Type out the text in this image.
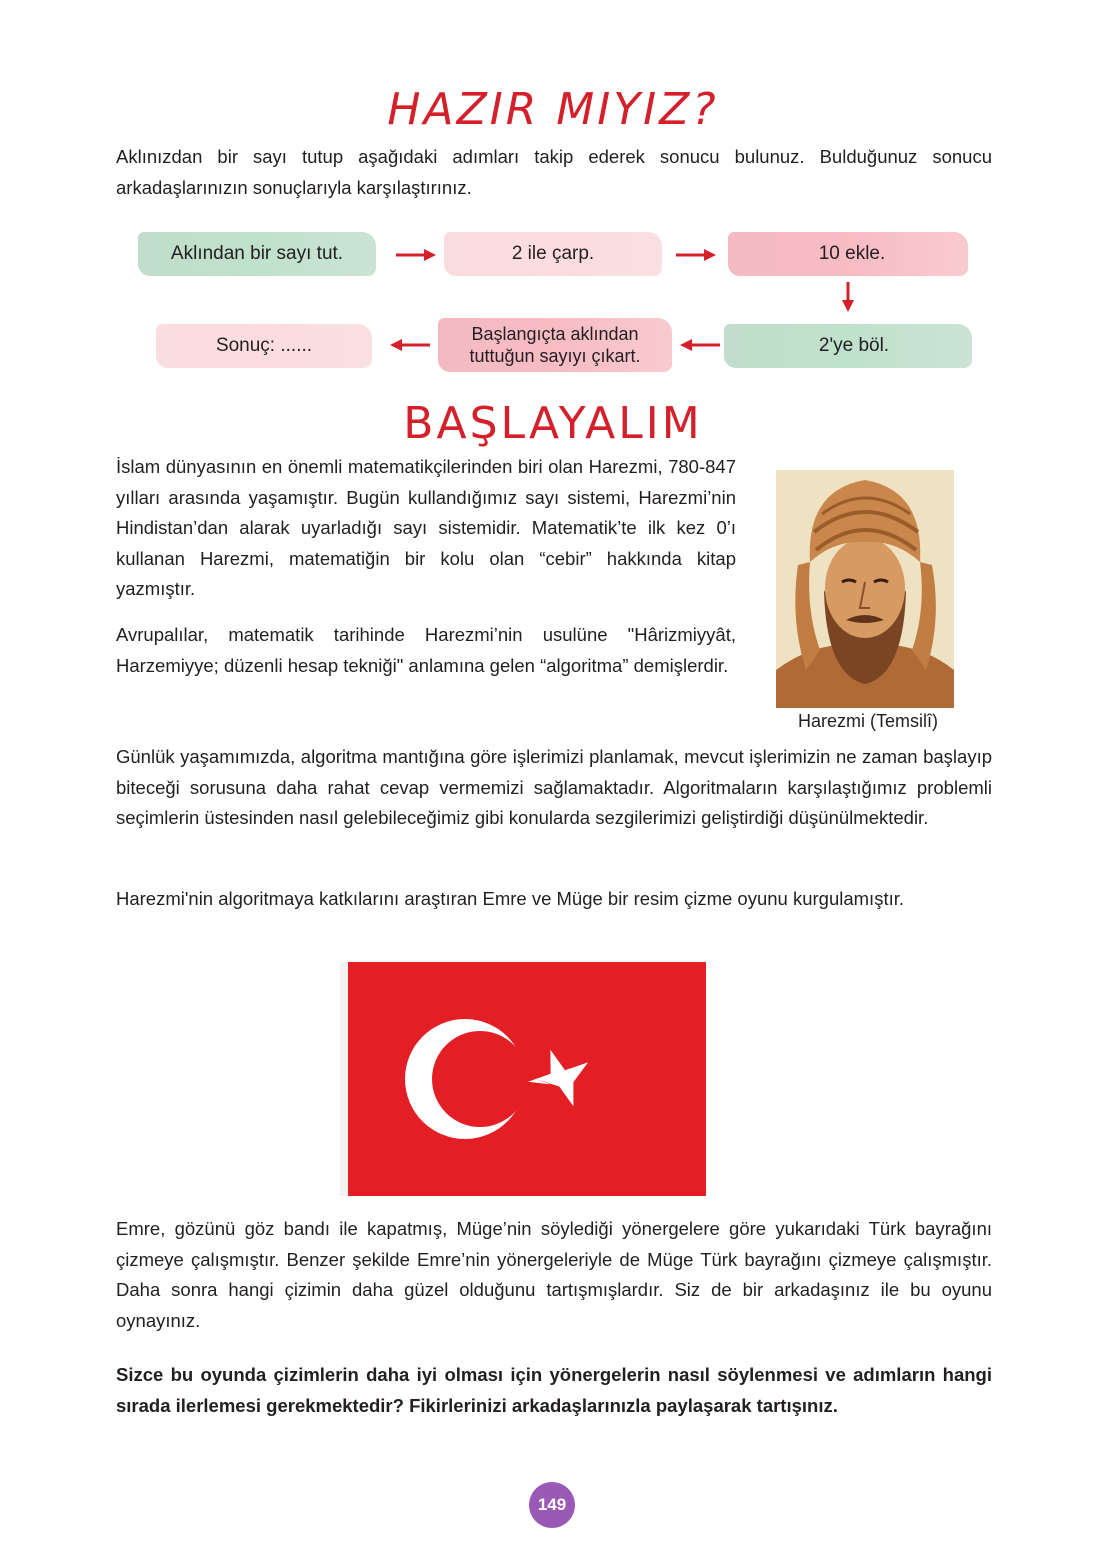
HAZIR MIYIZ?

Aklınızdan bir sayı tutup aşağıdaki adımları takip ederek sonucu bulunuz. Bulduğunuz sonucu arkadaşlarınızın sonuçlarıyla karşılaştırınız.

Aklından bir sayı tut.	2 ile çarp.	10 ekle.
Sonuç: ......
Başlangıçta aklından
tuttuğun sayıyı çıkart.	2'ye böl.
BAŞLAYALIM

İslam dünyasının en önemli matematikçilerinden biri olan Harezmi, 780-847 yılları arasında yaşamıştır. Bugün kullandığımız sayı sistemi, Harezmi’nin Hindistan’dan alarak uyarladığı sayı sistemidir. Matematik’te ilk kez 0’ı kullanan Harezmi, matematiğin bir kolu olan “cebir” hakkında kitap yazmıştır.

Avrupalılar, matematik tarihinde Harezmi’nin usulüne "Hârizmiyyât, Harzemiyye; düzenli hesap tekniği" anlamına gelen “algoritma” demişlerdir.

Harezmi (Temsilî)

Günlük yaşamımızda, algoritma mantığına göre işlerimizi planlamak, mevcut işlerimizin ne zaman başlayıp biteceği sorusuna daha rahat cevap vermemizi sağlamaktadır. Algoritmaların karşılaştığımız problemli seçimlerin üstesinden nasıl gelebileceğimiz gibi konularda sezgilerimizi geliştirdiği düşünülmektedir.

Harezmi'nin algoritmaya katkılarını araştıran Emre ve Müge bir resim çizme oyunu kurgulamıştır.

Emre, gözünü göz bandı ile kapatmış, Müge’nin söylediği yönergelere göre yukarıdaki Türk bayrağını çizmeye çalışmıştır. Benzer şekilde Emre’nin yönergeleriyle de Müge Türk bayrağını çizmeye çalışmıştır. Daha sonra hangi çizimin daha güzel olduğunu tartışmışlardır. Siz de bir arkadaşınız ile bu oyunu oynayınız.

Sizce bu oyunda çizimlerin daha iyi olması için yönergelerin nasıl söylenmesi ve adımların hangi sırada ilerlemesi gerekmektedir? Fikirlerinizi arkadaşlarınızla paylaşarak tartışınız.

149
